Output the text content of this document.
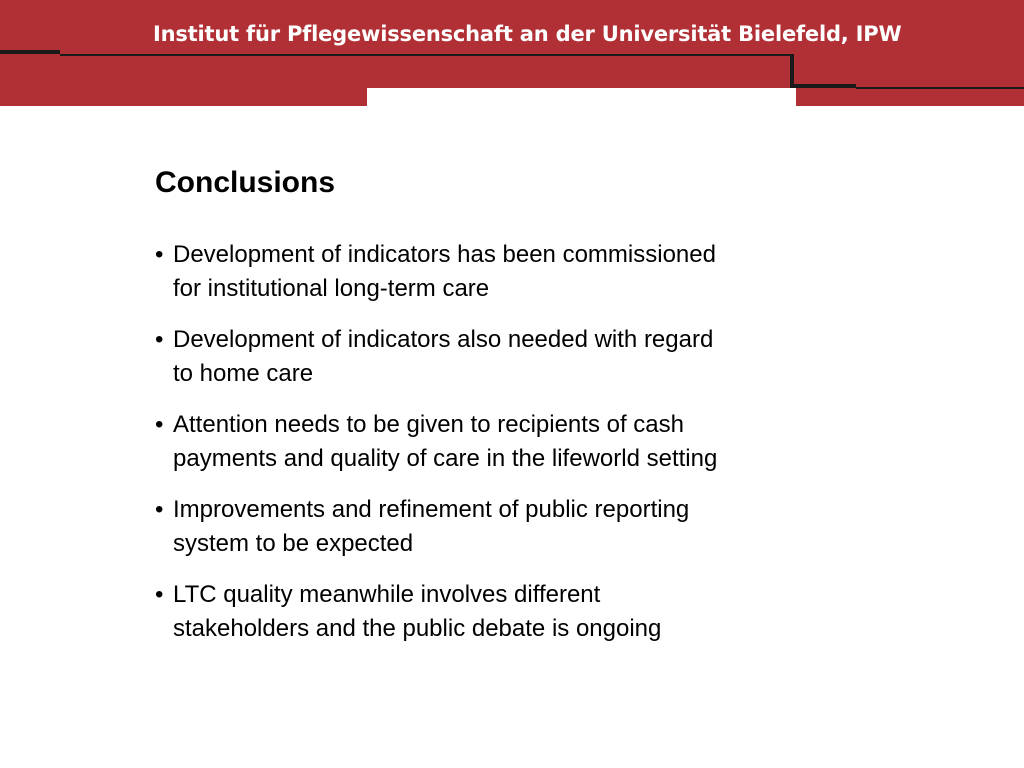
Institut für Pflegewissenschaft an der Universität Bielefeld, IPW
Conclusions
• Development of indicators has been commissioned
for institutional long-term care
• Development of indicators also needed with regard
to home care
• Attention needs to be given to recipients of cash
payments and quality of care in the lifeworld setting
• Improvements and refinement of public reporting
system to be expected
• LTC quality meanwhile involves different
stakeholders and the public debate is ongoing
